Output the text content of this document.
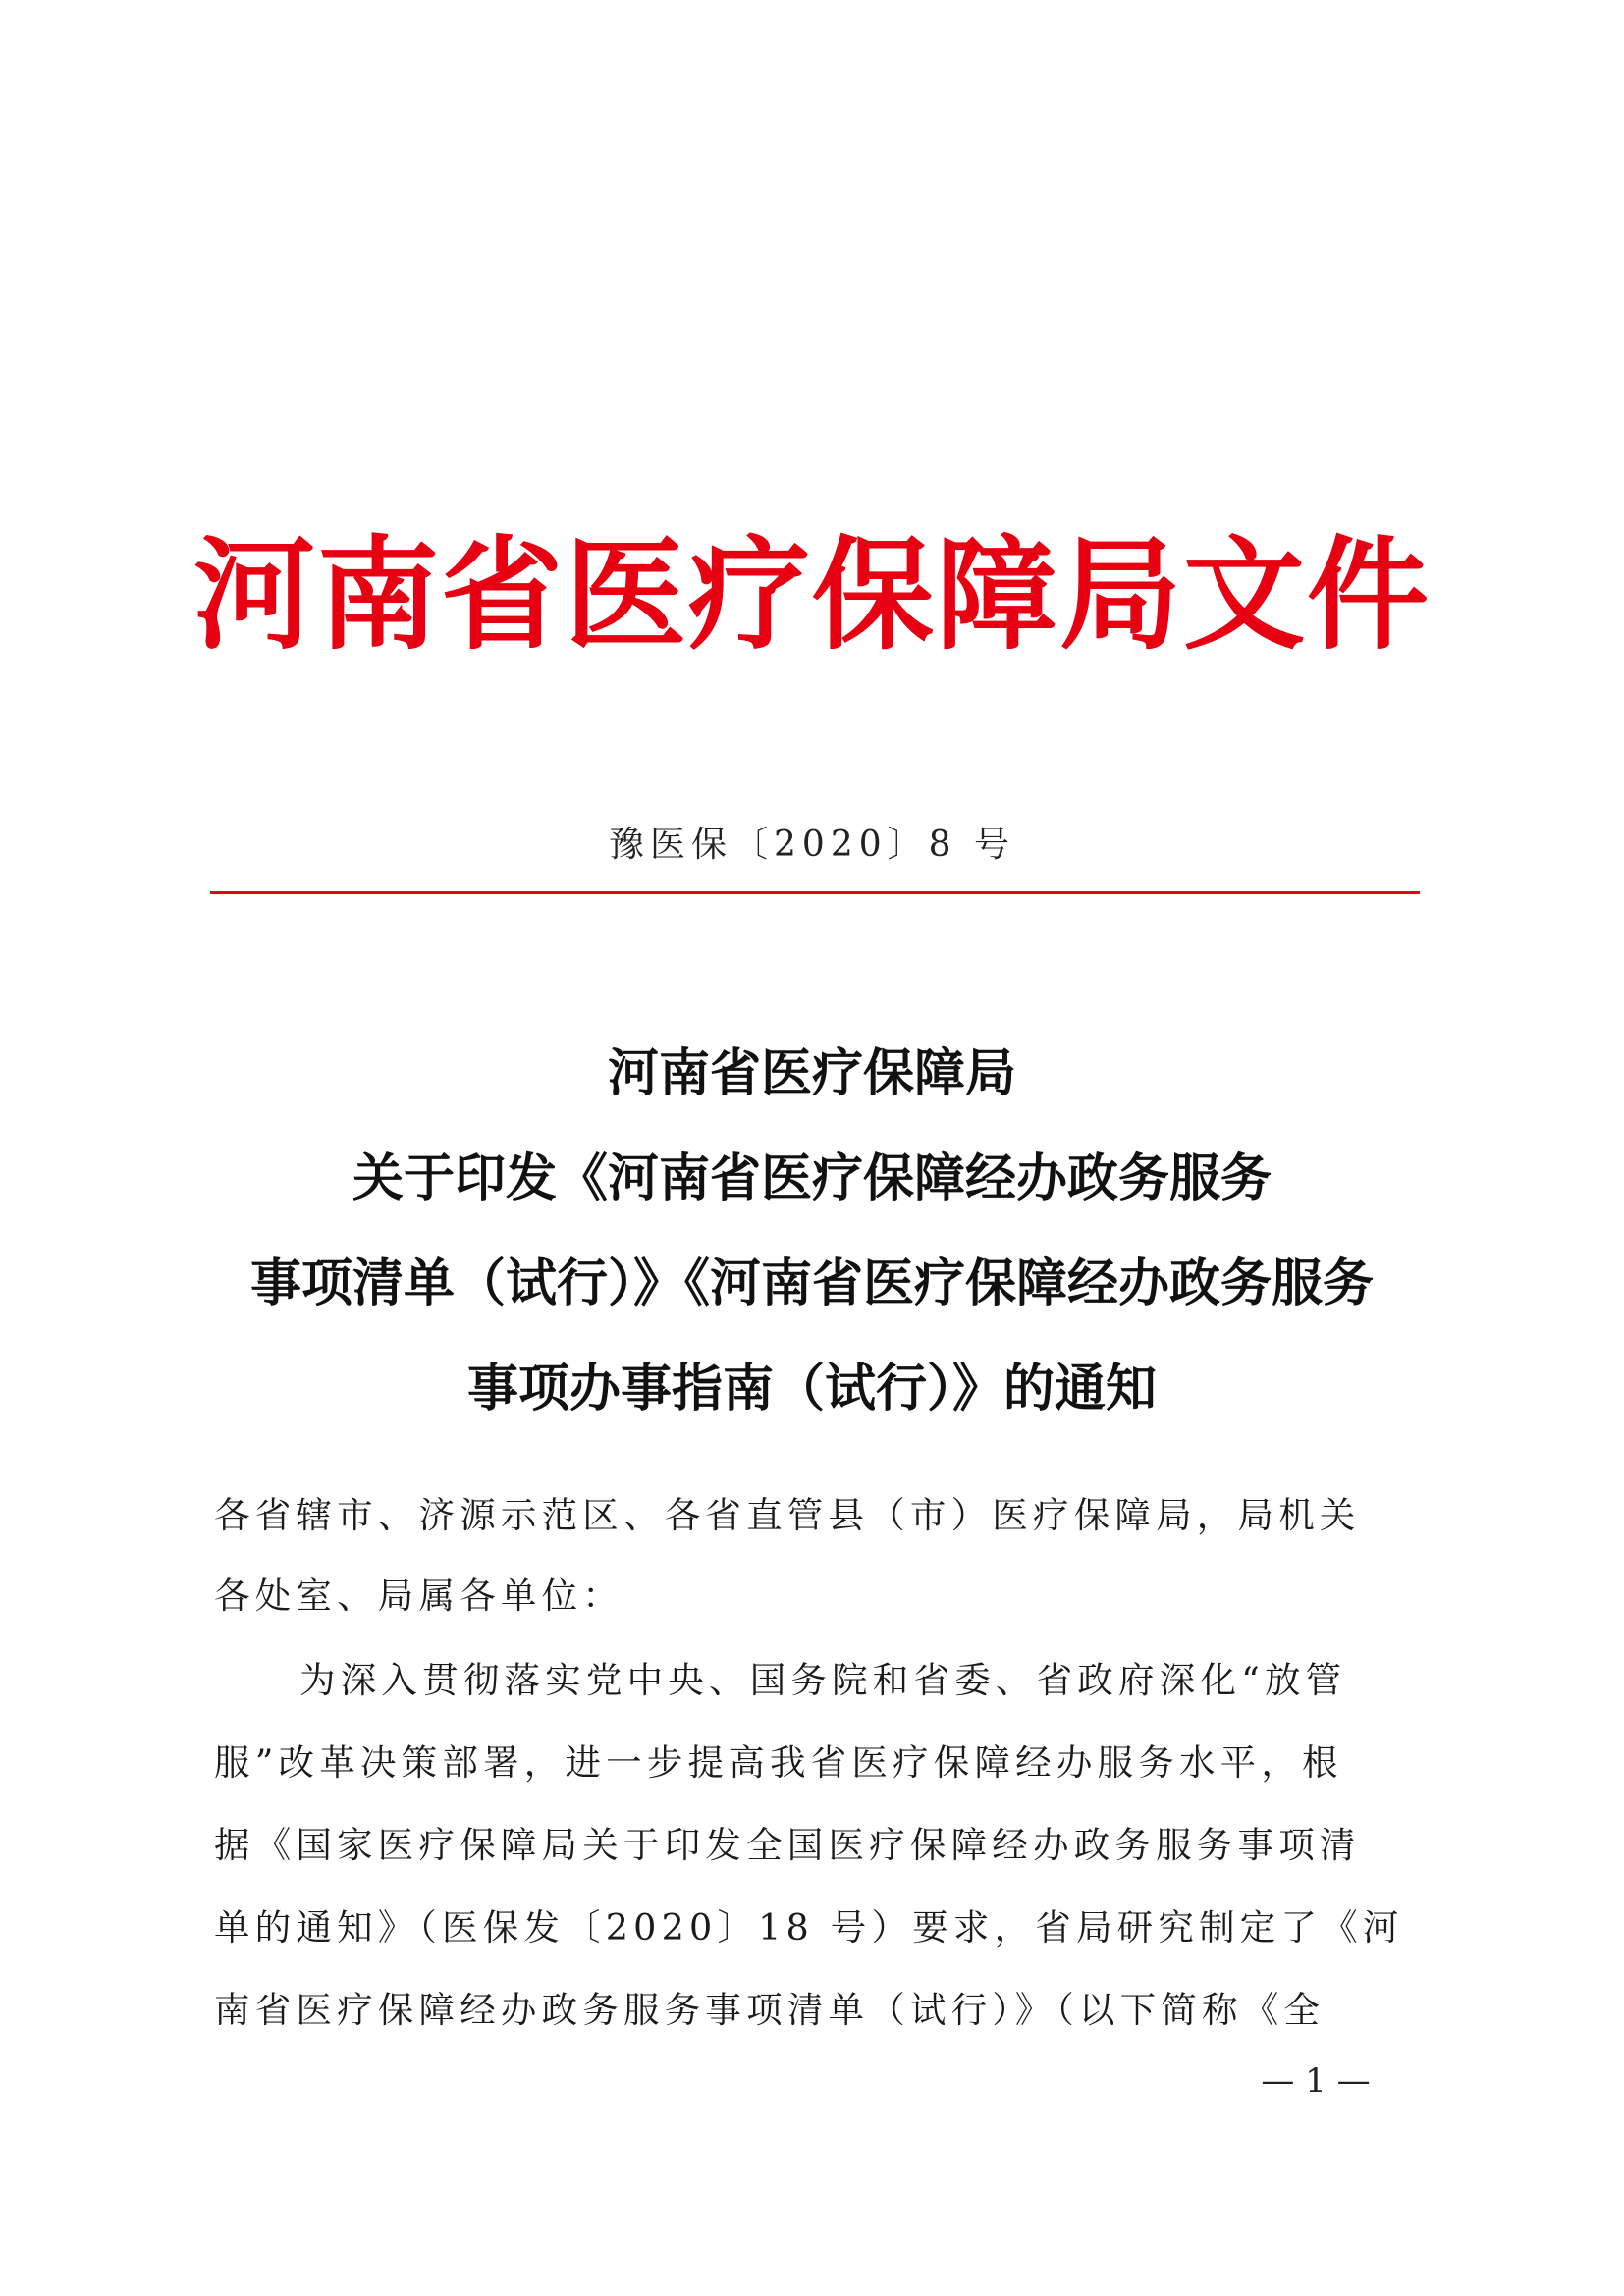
河南省医疗保障局文件
豫医保〔2020〕8 号
河南省医疗保障局
关于印发《河南省医疗保障经办政务服务
事项清单（试行）》《河南省医疗保障经办政务服务
事项办事指南（试行）》的通知
各省辖市、济源示范区、各省直管县（市）医疗保障局，局机关
各处室、局属各单位：
为深入贯彻落实党中央、国务院和省委、省政府深化“放管
服”改革决策部署，进一步提高我省医疗保障经办服务水平，根
据《国家医疗保障局关于印发全国医疗保障经办政务服务事项清
单的通知》（医保发〔2020〕18 号）要求，省局研究制定了《河
南省医疗保障经办政务服务事项清单（试行）》（以下简称《全
— 1 —
